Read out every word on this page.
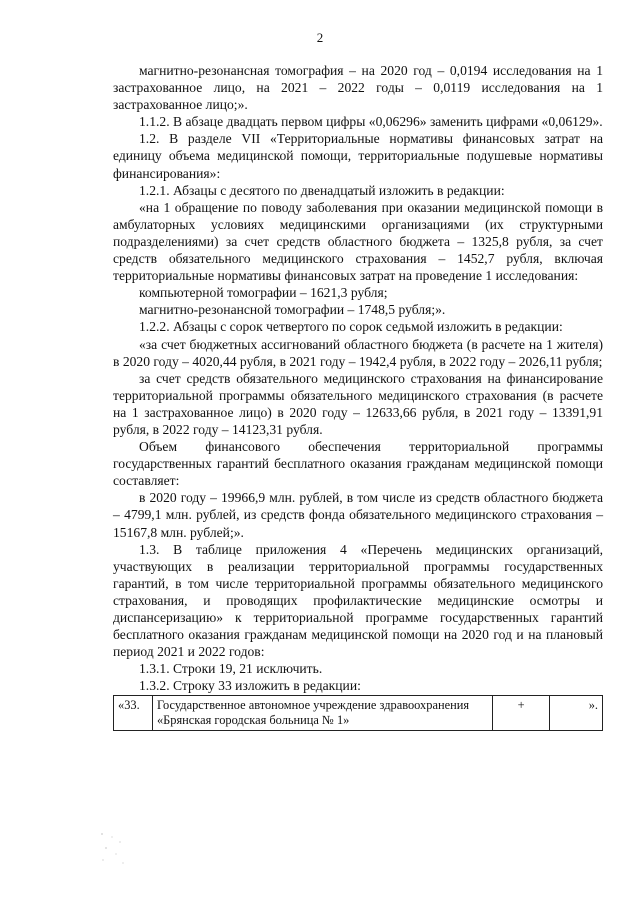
2

магнитно-резонансная томография – на 2020 год – 0,0194 исследования на 1 застрахованное лицо, на 2021 – 2022 годы – 0,0119 исследования на 1 застрахованное лицо;».

1.1.2. В абзаце двадцать первом цифры «0,06296» заменить цифрами «0,06129».

1.2. В разделе VII «Территориальные нормативы финансовых затрат на единицу объема медицинской помощи, территориальные подушевые нормативы финансирования»:

1.2.1. Абзацы с десятого по двенадцатый изложить в редакции:

«на 1 обращение по поводу заболевания при оказании медицинской помощи в амбулаторных условиях медицинскими организациями (их структурными подразделениями) за счет средств областного бюджета – 1325,8 рубля, за счет средств обязательного медицинского страхования – 1452,7 рубля, включая территориальные нормативы финансовых затрат на проведение 1 исследования:

компьютерной томографии – 1621,3 рубля;

магнитно-резонансной томографии – 1748,5 рубля;».

1.2.2. Абзацы с сорок четвертого по сорок седьмой изложить в редакции:

«за счет бюджетных ассигнований областного бюджета (в расчете на 1 жителя) в 2020 году – 4020,44 рубля, в 2021 году – 1942,4 рубля, в 2022 году – 2026,11 рубля;

за счет средств обязательного медицинского страхования на финансирование территориальной программы обязательного медицинского страхования (в расчете на 1 застрахованное лицо) в 2020 году – 12633,66 рубля, в 2021 году – 13391,91 рубля, в 2022 году – 14123,31 рубля.

Объем финансового обеспечения территориальной программы государственных гарантий бесплатного оказания гражданам медицинской помощи составляет:

в 2020 году – 19966,9 млн. рублей, в том числе из средств областного бюджета – 4799,1 млн. рублей, из средств фонда обязательного медицинского страхования – 15167,8 млн. рублей;».

1.3. В таблице приложения 4 «Перечень медицинских организаций, участвующих в реализации территориальной программы государственных гарантий, в том числе территориальной программы обязательного медицинского страхования, и проводящих профилактические медицинские осмотры и диспансеризацию» к территориальной программе государственных гарантий бесплатного оказания гражданам медицинской помощи на 2020 год и на плановый период 2021 и 2022 годов:

1.3.1. Строки 19, 21 исключить.

1.3.2. Строку 33 изложить в редакции:

«33.	Государственное автономное учреждение здравоохранения «Брянская городская больница № 1»	+	».
